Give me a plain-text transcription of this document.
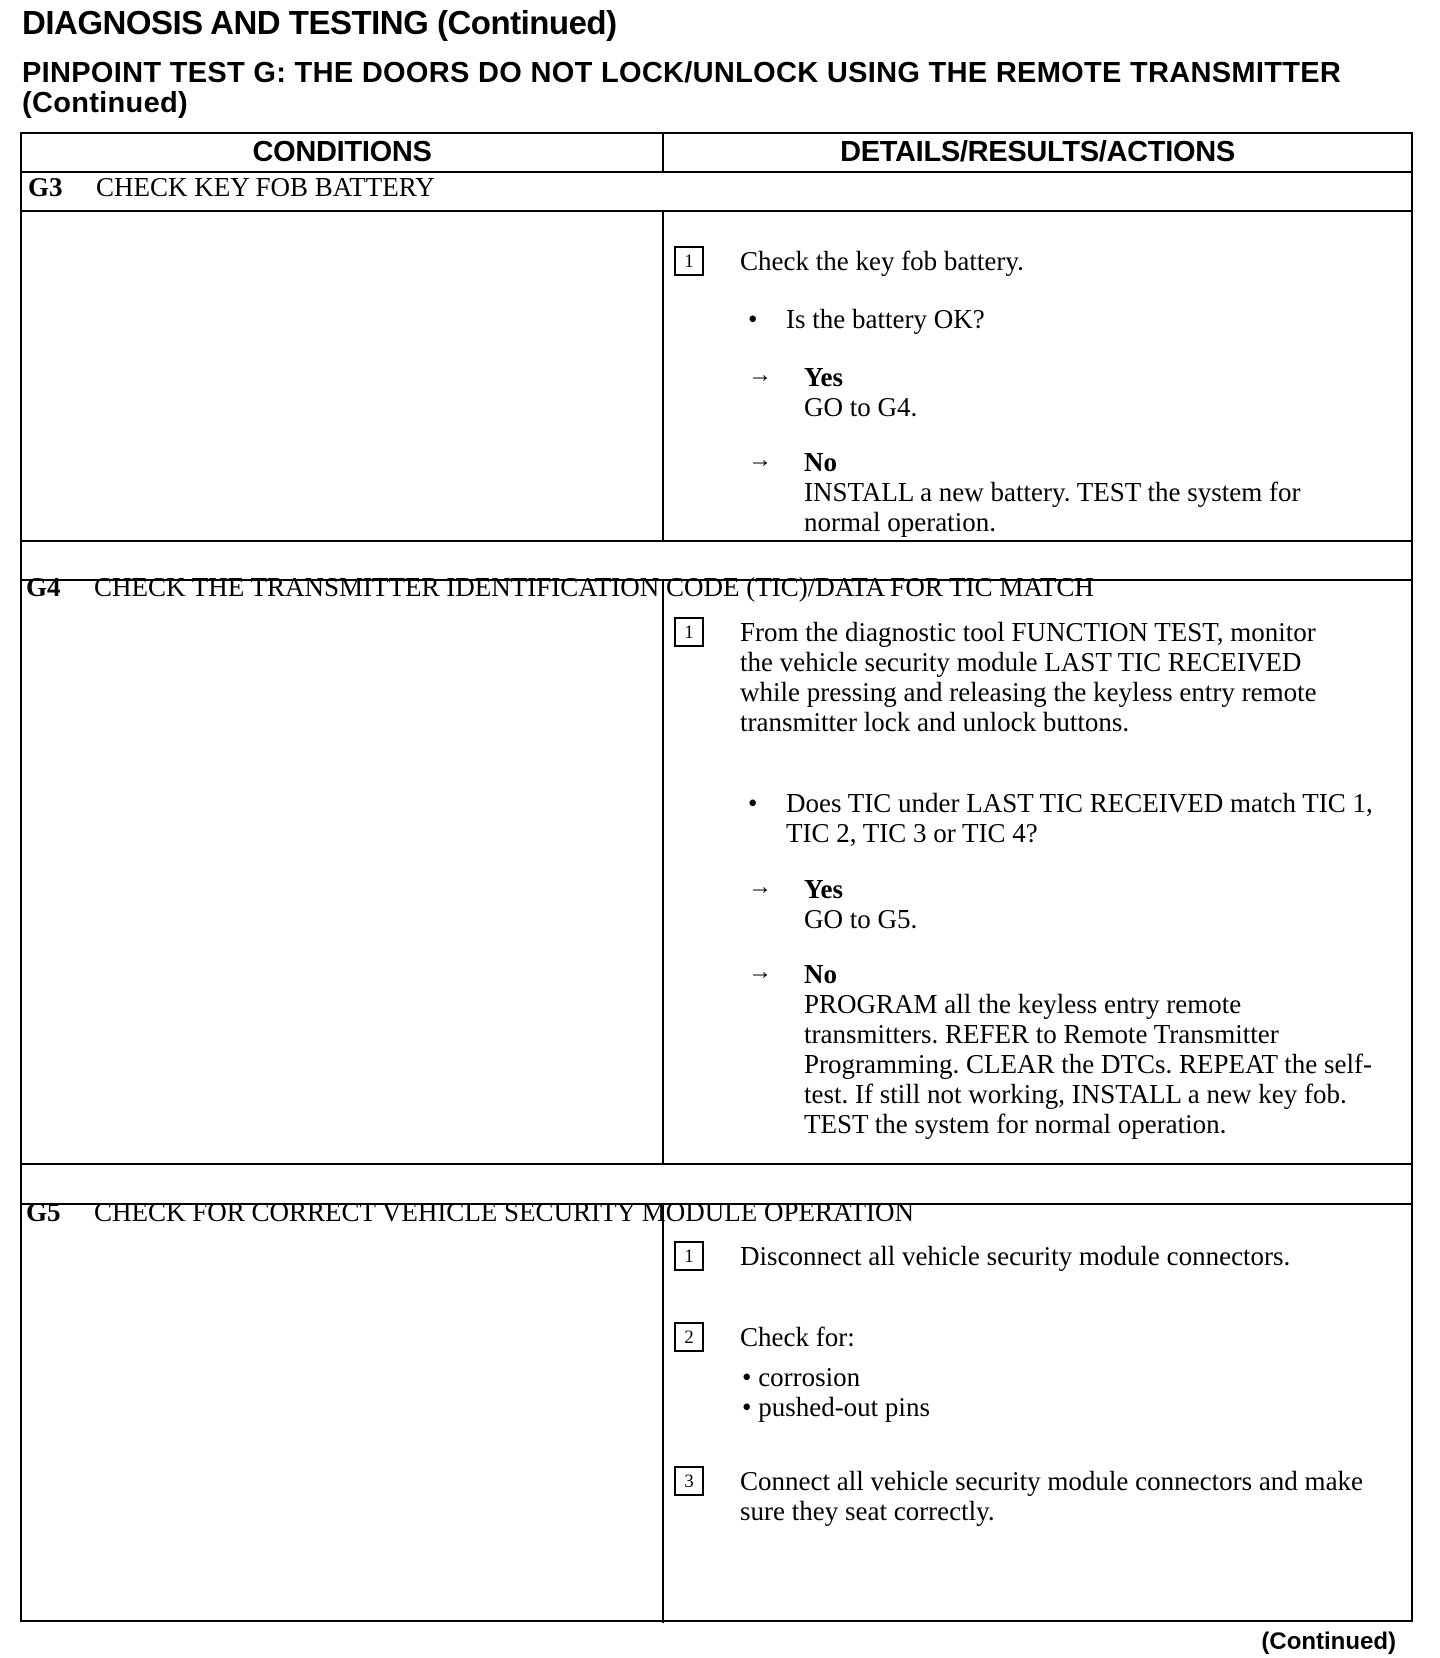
DIAGNOSIS AND TESTING (Continued)
PINPOINT TEST G: THE DOORS DO NOT LOCK/UNLOCK USING THE REMOTE TRANSMITTER (Continued)
CONDITIONS	DETAILS/RESULTS/ACTIONS
G3 CHECK KEY FOB BATTERY
1	Check the key fob battery.
• Is the battery OK?
→ Yes
GO to G4.
→ No
INSTALL a new battery. TEST the system for normal operation.
G4 CHECK THE TRANSMITTER IDENTIFICATION CODE (TIC)/DATA FOR TIC MATCH
1	From the diagnostic tool FUNCTION TEST, monitor the vehicle security module LAST TIC RECEIVED while pressing and releasing the keyless entry remote transmitter lock and unlock buttons.
• Does TIC under LAST TIC RECEIVED match TIC 1, TIC 2, TIC 3 or TIC 4?
→ Yes
GO to G5.
→ No
PROGRAM all the keyless entry remote transmitters. REFER to Remote Transmitter Programming. CLEAR the DTCs. REPEAT the self-test. If still not working, INSTALL a new key fob. TEST the system for normal operation.
G5 CHECK FOR CORRECT VEHICLE SECURITY MODULE OPERATION
1	Disconnect all vehicle security module connectors.
2	Check for:
• corrosion
• pushed-out pins
3	Connect all vehicle security module connectors and make sure they seat correctly.
(Continued)
